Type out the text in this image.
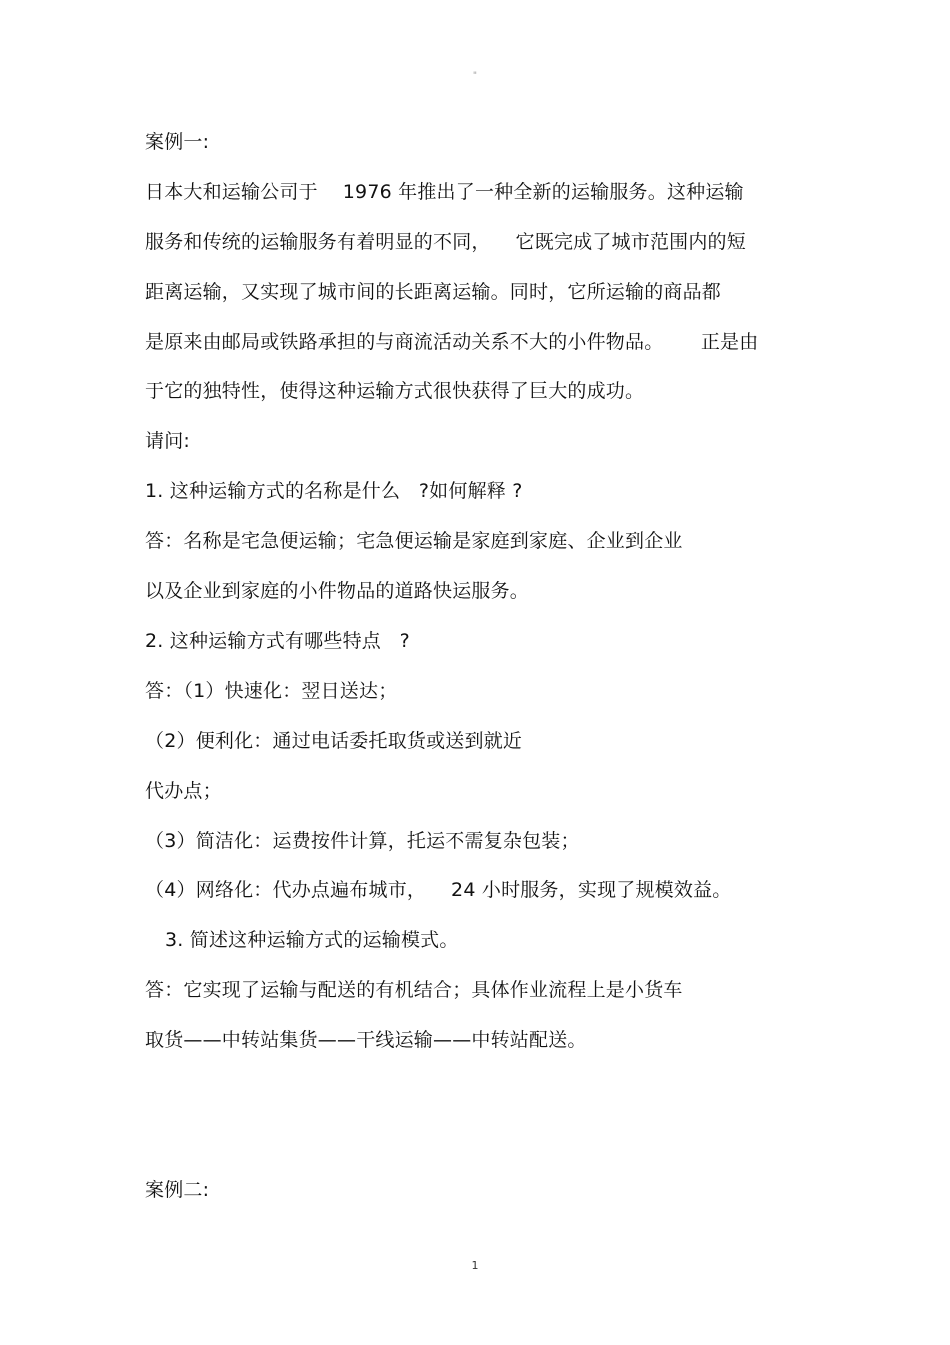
"
案例一:
日本大和运输公司于    1976 年推出了一种全新的运输服务。这种运输
服务和传统的运输服务有着明显的不同，    它既完成了城市范围内的短
距离运输，又实现了城市间的长距离运输。同时，它所运输的商品都
是原来由邮局或铁路承担的与商流活动关系不大的小件物品。      正是由
于它的独特性，使得这种运输方式很快获得了巨大的成功。
请问:
1. 这种运输方式的名称是什么   ?如何解释 ?
答：名称是宅急便运输；宅急便运输是家庭到家庭、企业到企业
以及企业到家庭的小件物品的道路快运服务。
2. 这种运输方式有哪些特点   ?
答：（1）快速化：翌日送达；
（2）便利化：通过电话委托取货或送到就近
代办点；
（3）简洁化：运费按件计算，托运不需复杂包装；
（4）网络化：代办点遍布城市，    24 小时服务，实现了规模效益。
3. 简述这种运输方式的运输模式。
答：它实现了运输与配送的有机结合；具体作业流程上是小货车
取货——中转站集货——干线运输——中转站配送。
案例二:
1
